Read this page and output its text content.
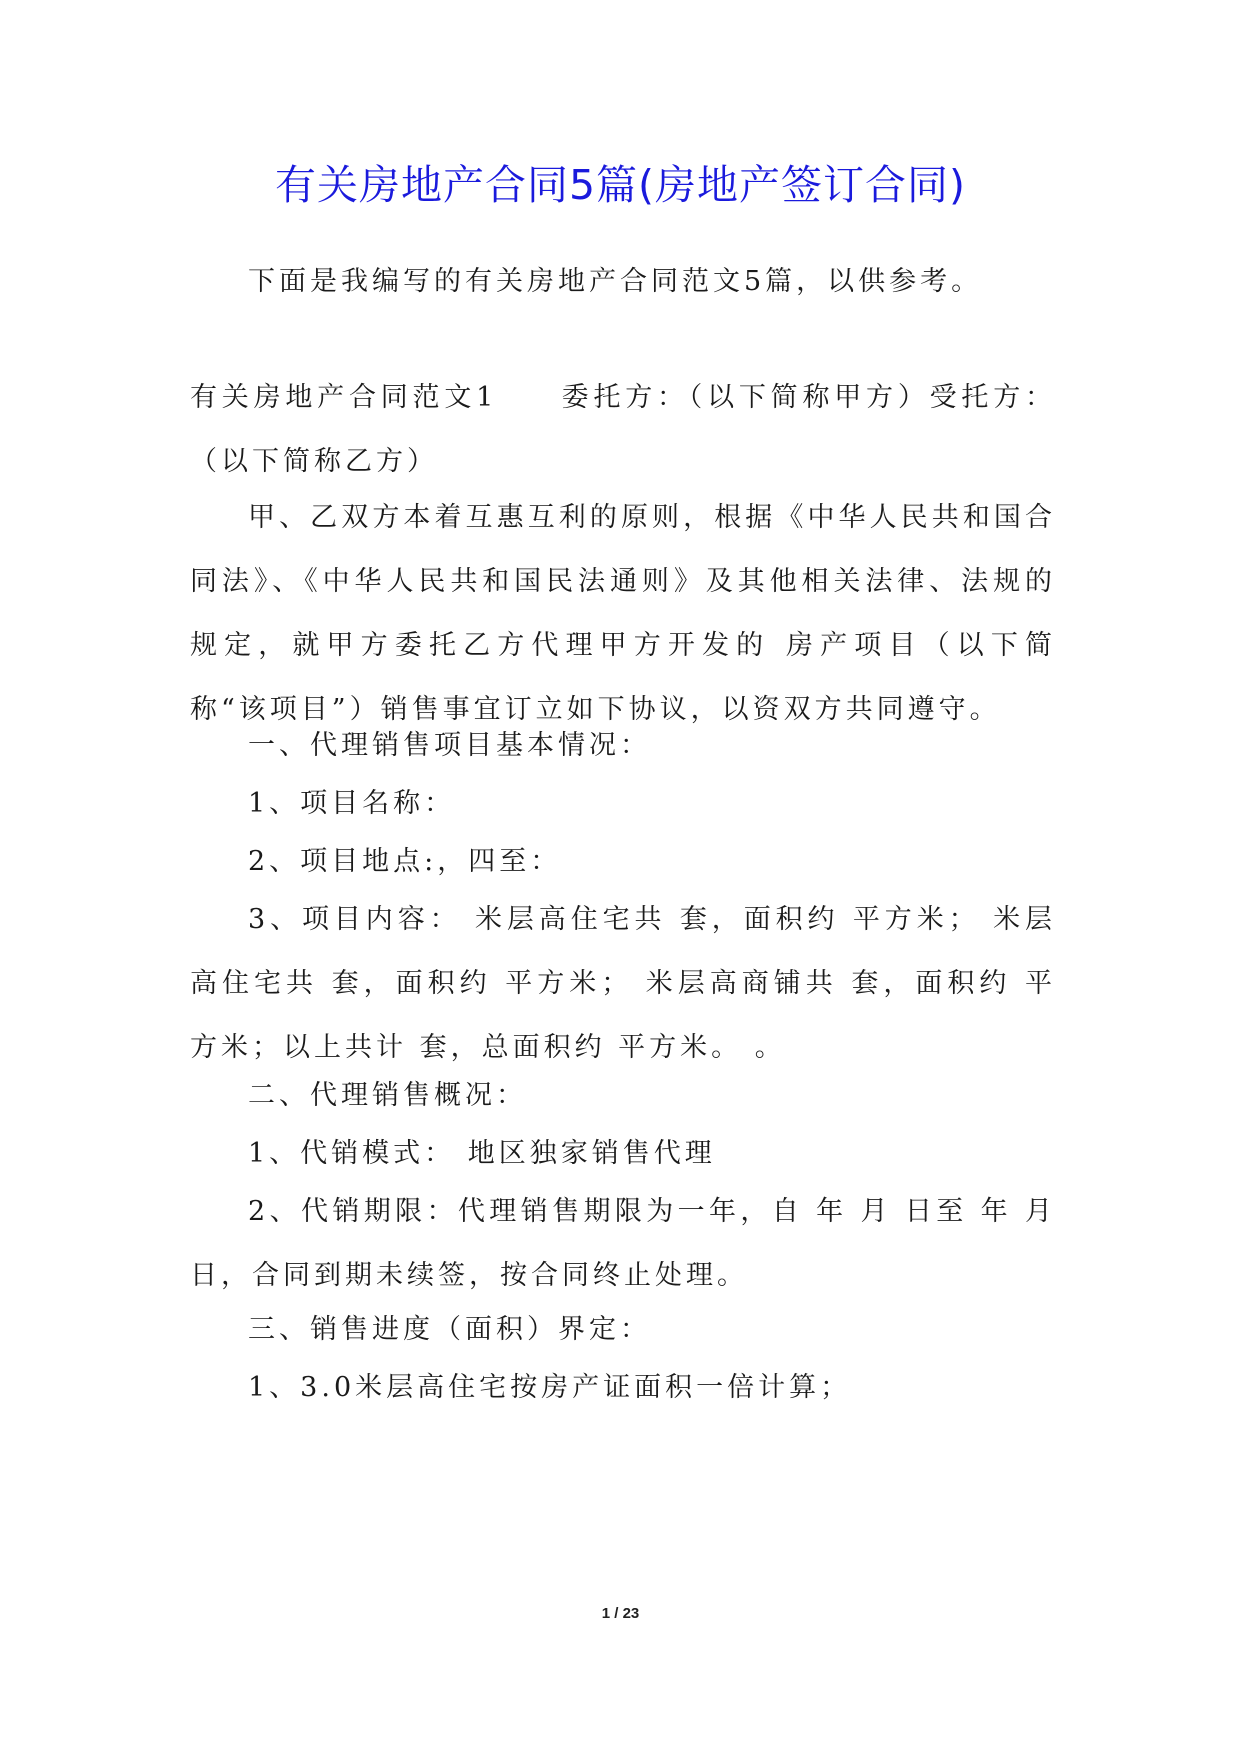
有关房地产合同5篇(房地产签订合同)

下面是我编写的有关房地产合同范文5篇，以供参考。

有关房地产合同范文1　　委托方：（以下简称甲方）受托方：（以下简称乙方）

甲、乙双方本着互惠互利的原则，根据《中华人民共和国合同法》、《中华人民共和国民法通则》及其他相关法律、法规的规定，就甲方委托乙方代理甲方开发的 房产项目（以下简称“该项目”）销售事宜订立如下协议，以资双方共同遵守。

一、代理销售项目基本情况：

1、项目名称：

2、项目地点:，四至：

3、项目内容： 米层高住宅共 套，面积约 平方米； 米层高住宅共 套，面积约 平方米； 米层高商铺共 套，面积约 平方米；以上共计 套，总面积约 平方米。 。

二、代理销售概况：

1、代销模式： 地区独家销售代理

2、代销期限：代理销售期限为一年，自 年 月 日至 年 月日，合同到期未续签，按合同终止处理。

三、销售进度（面积）界定：

1、3.0米层高住宅按房产证面积一倍计算；

1 / 23
